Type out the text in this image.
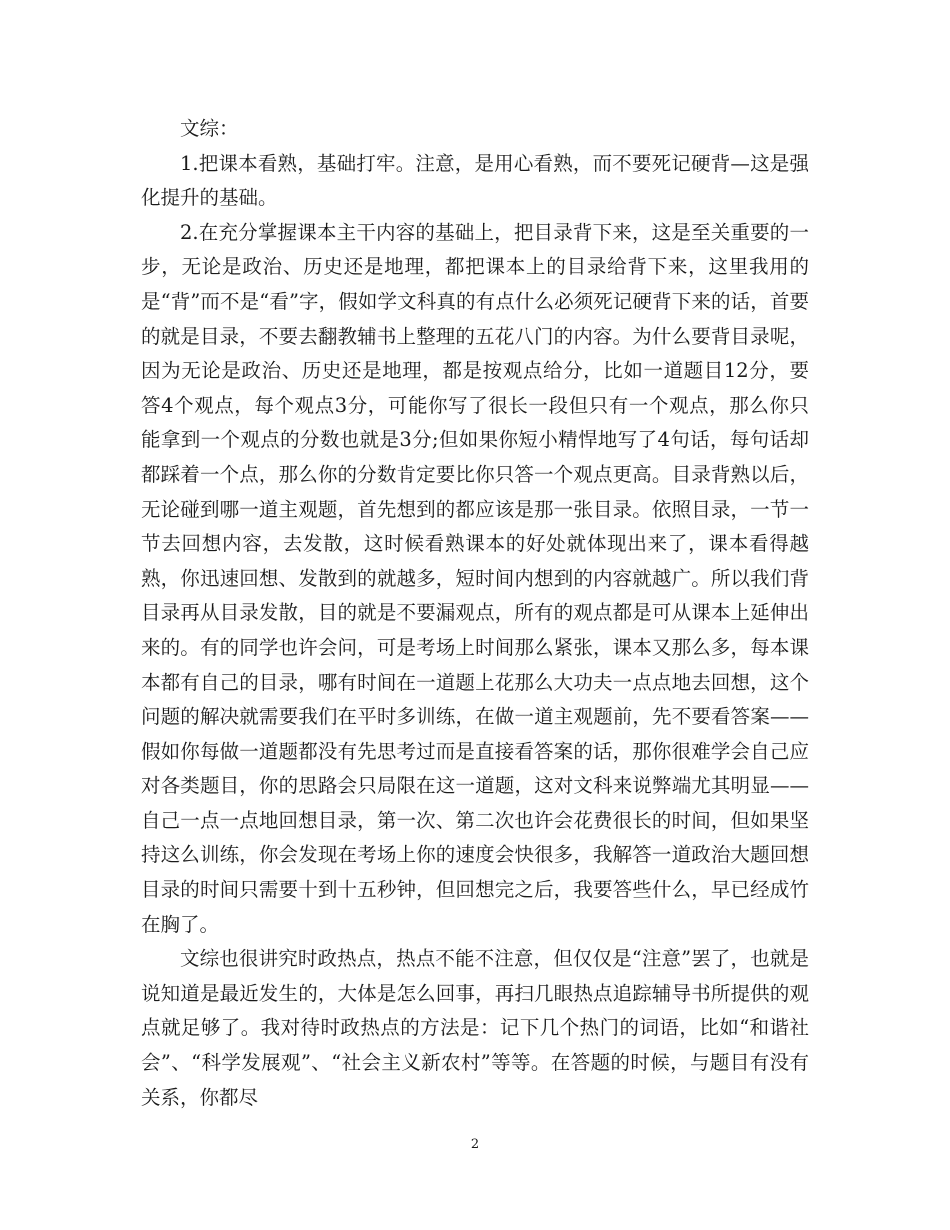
文综：

1.把课本看熟，基础打牢。注意，是用心看熟，而不要死记硬背—这是强化提升的基础。

2.在充分掌握课本主干内容的基础上，把目录背下来，这是至关重要的一步，无论是政治、历史还是地理，都把课本上的目录给背下来，这里我用的是“背”而不是“看”字，假如学文科真的有点什么必须死记硬背下来的话，首要的就是目录，不要去翻教辅书上整理的五花八门的内容。为什么要背目录呢，因为无论是政治、历史还是地理，都是按观点给分，比如一道题目12分，要答4个观点，每个观点3分，可能你写了很长一段但只有一个观点，那么你只能拿到一个观点的分数也就是3分;但如果你短小精悍地写了4句话，每句话却都踩着一个点，那么你的分数肯定要比你只答一个观点更高。目录背熟以后，无论碰到哪一道主观题，首先想到的都应该是那一张目录。依照目录，一节一节去回想内容，去发散，这时候看熟课本的好处就体现出来了，课本看得越熟，你迅速回想、发散到的就越多，短时间内想到的内容就越广。所以我们背目录再从目录发散，目的就是不要漏观点，所有的观点都是可从课本上延伸出来的。有的同学也许会问，可是考场上时间那么紧张，课本又那么多，每本课本都有自己的目录，哪有时间在一道题上花那么大功夫一点点地去回想，这个问题的解决就需要我们在平时多训练，在做一道主观题前，先不要看答案——假如你每做一道题都没有先思考过而是直接看答案的话，那你很难学会自己应对各类题目，你的思路会只局限在这一道题，这对文科来说弊端尤其明显——自己一点一点地回想目录，第一次、第二次也许会花费很长的时间，但如果坚持这么训练，你会发现在考场上你的速度会快很多，我解答一道政治大题回想目录的时间只需要十到十五秒钟，但回想完之后，我要答些什么，早已经成竹在胸了。

文综也很讲究时政热点，热点不能不注意，但仅仅是“注意”罢了，也就是说知道是最近发生的，大体是怎么回事，再扫几眼热点追踪辅导书所提供的观点就足够了。我对待时政热点的方法是：记下几个热门的词语，比如“和谐社会”、“科学发展观”、“社会主义新农村”等等。在答题的时候，与题目有没有关系，你都尽

2
